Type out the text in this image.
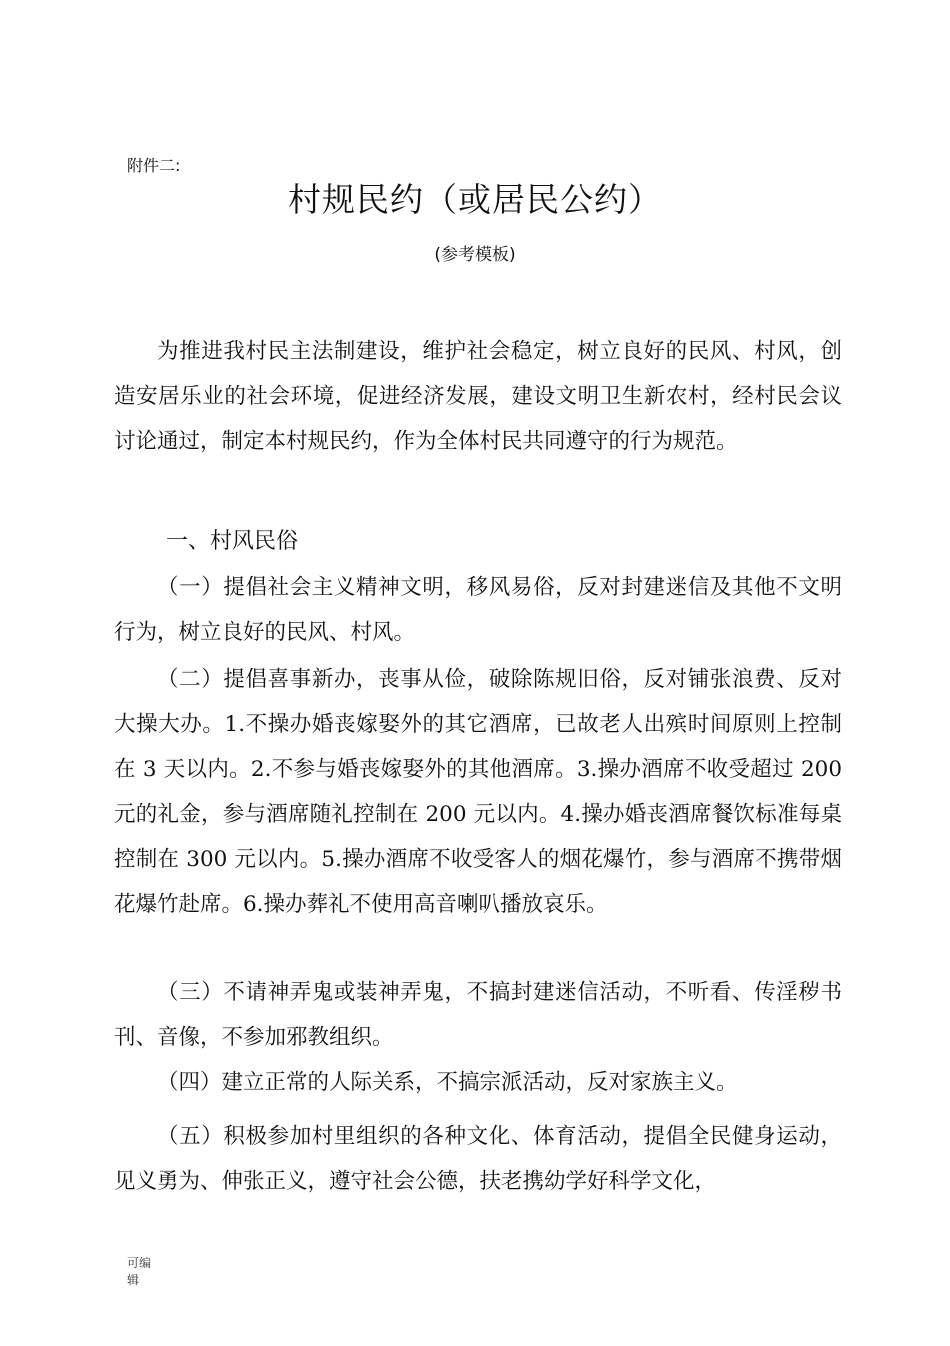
附件二:
村规民约（或居民公约）
(参考模板)

为推进我村民主法制建设，维护社会稳定，树立良好的民风、村风，创造安居乐业的社会环境，促进经济发展，建设文明卫生新农村，经村民会议讨论通过，制定本村规民约，作为全体村民共同遵守的行为规范。

一、村风民俗

（一）提倡社会主义精神文明，移风易俗，反对封建迷信及其他不文明行为，树立良好的民风、村风。

（二）提倡喜事新办，丧事从俭，破除陈规旧俗，反对铺张浪费、反对大操大办。1.不操办婚丧嫁娶外的其它酒席，已故老人出殡时间原则上控制在 3 天以内。2.不参与婚丧嫁娶外的其他酒席。3.操办酒席不收受超过 200 元的礼金，参与酒席随礼控制在 200 元以内。4.操办婚丧酒席餐饮标准每桌控制在 300 元以内。5.操办酒席不收受客人的烟花爆竹，参与酒席不携带烟花爆竹赴席。6.操办葬礼不使用高音喇叭播放哀乐。

（三）不请神弄鬼或装神弄鬼，不搞封建迷信活动，不听看、传淫秽书刊、音像，不参加邪教组织。

（四）建立正常的人际关系，不搞宗派活动，反对家族主义。

（五）积极参加村里组织的各种文化、体育活动，提倡全民健身运动，见义勇为、伸张正义，遵守社会公德，扶老携幼学好科学文化，

可编辑
